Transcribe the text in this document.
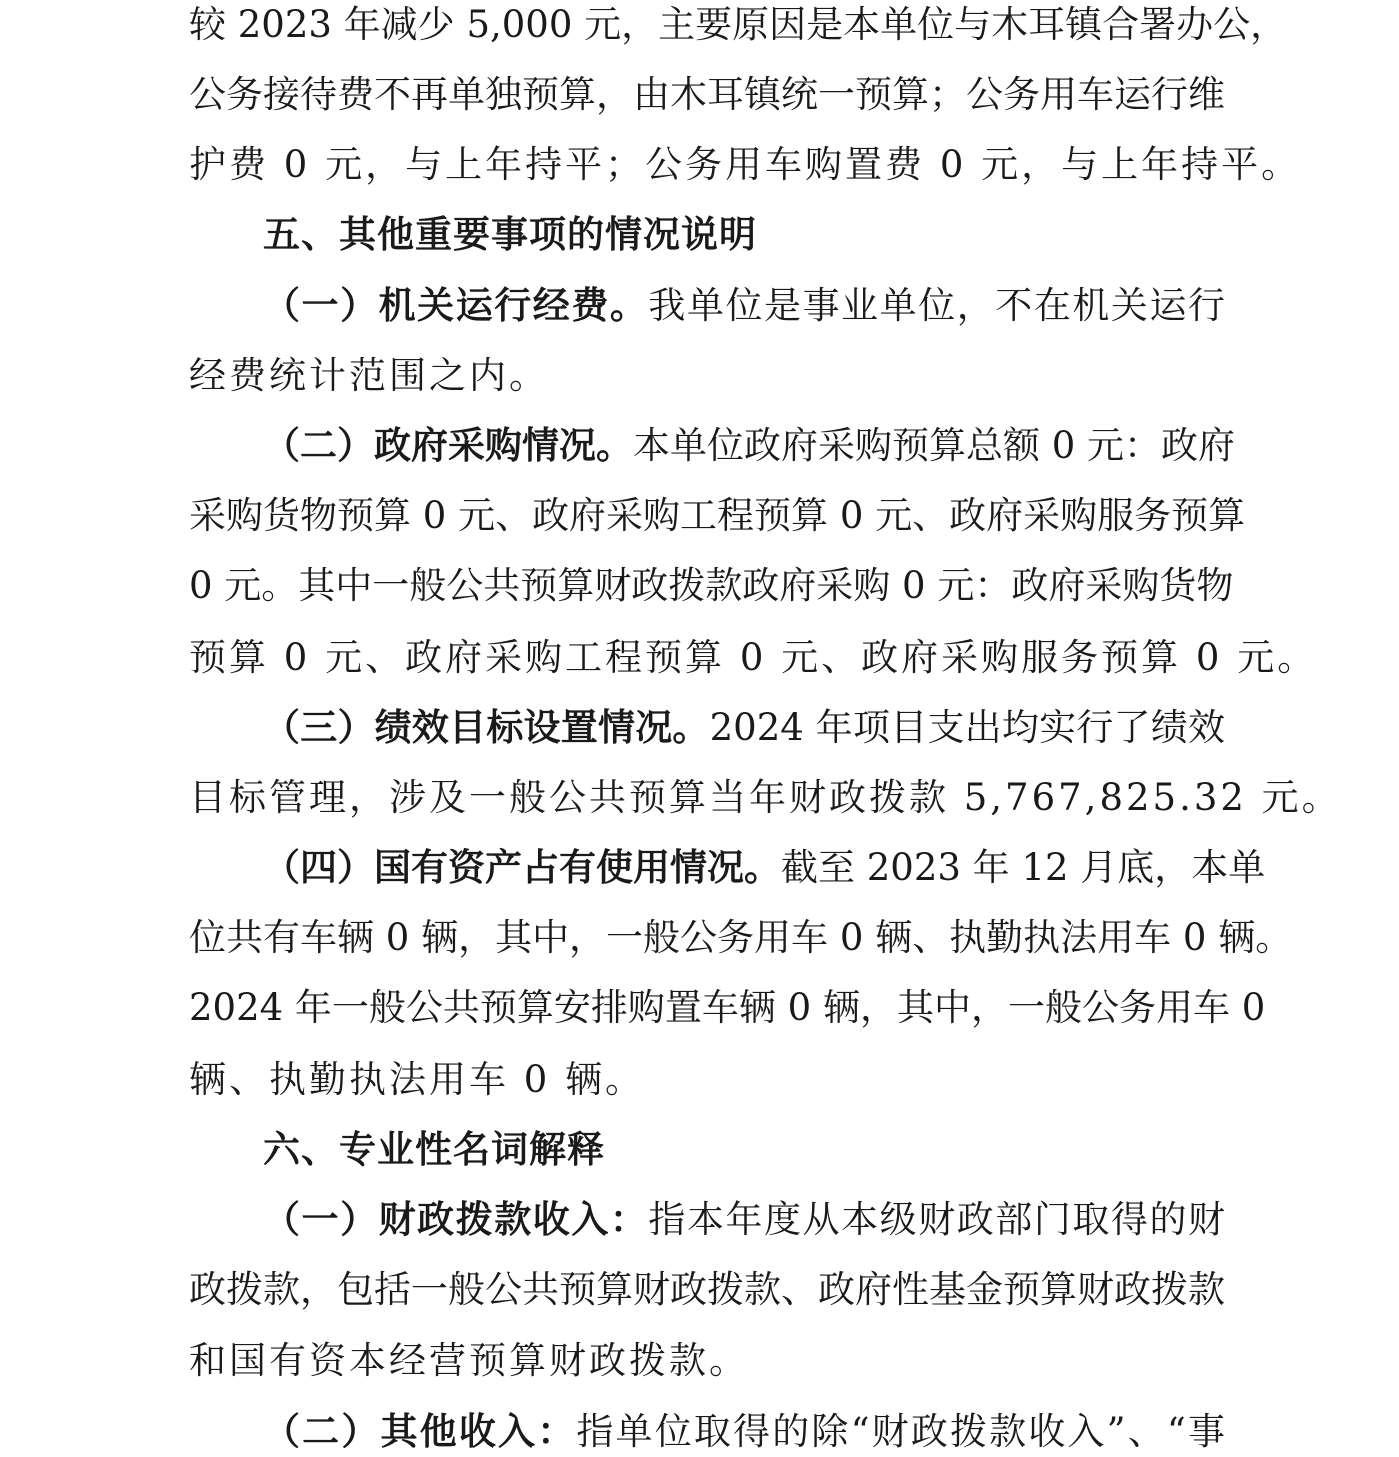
较 2023 年减少 5,000 元，主要原因是本单位与木耳镇合署办公，
公务接待费不再单独预算，由木耳镇统一预算；公务用车运行维
护费 0 元，与上年持平；公务用车购置费 0 元，与上年持平。
五、其他重要事项的情况说明
（一）机关运行经费。我单位是事业单位，不在机关运行
经费统计范围之内。
（二）政府采购情况。本单位政府采购预算总额 0 元：政府
采购货物预算 0 元、政府采购工程预算 0 元、政府采购服务预算
0 元。其中一般公共预算财政拨款政府采购 0 元：政府采购货物
预算 0 元、政府采购工程预算 0 元、政府采购服务预算 0 元。
（三）绩效目标设置情况。2024 年项目支出均实行了绩效
目标管理，涉及一般公共预算当年财政拨款 5,767,825.32 元。
（四）国有资产占有使用情况。截至 2023 年 12 月底，本单
位共有车辆 0 辆，其中，一般公务用车 0 辆、执勤执法用车 0 辆。
2024 年一般公共预算安排购置车辆 0 辆，其中，一般公务用车 0
辆、执勤执法用车 0 辆。
六、专业性名词解释
（一）财政拨款收入：指本年度从本级财政部门取得的财
政拨款，包括一般公共预算财政拨款、政府性基金预算财政拨款
和国有资本经营预算财政拨款。
（二）其他收入：指单位取得的除“财政拨款收入”、“事
